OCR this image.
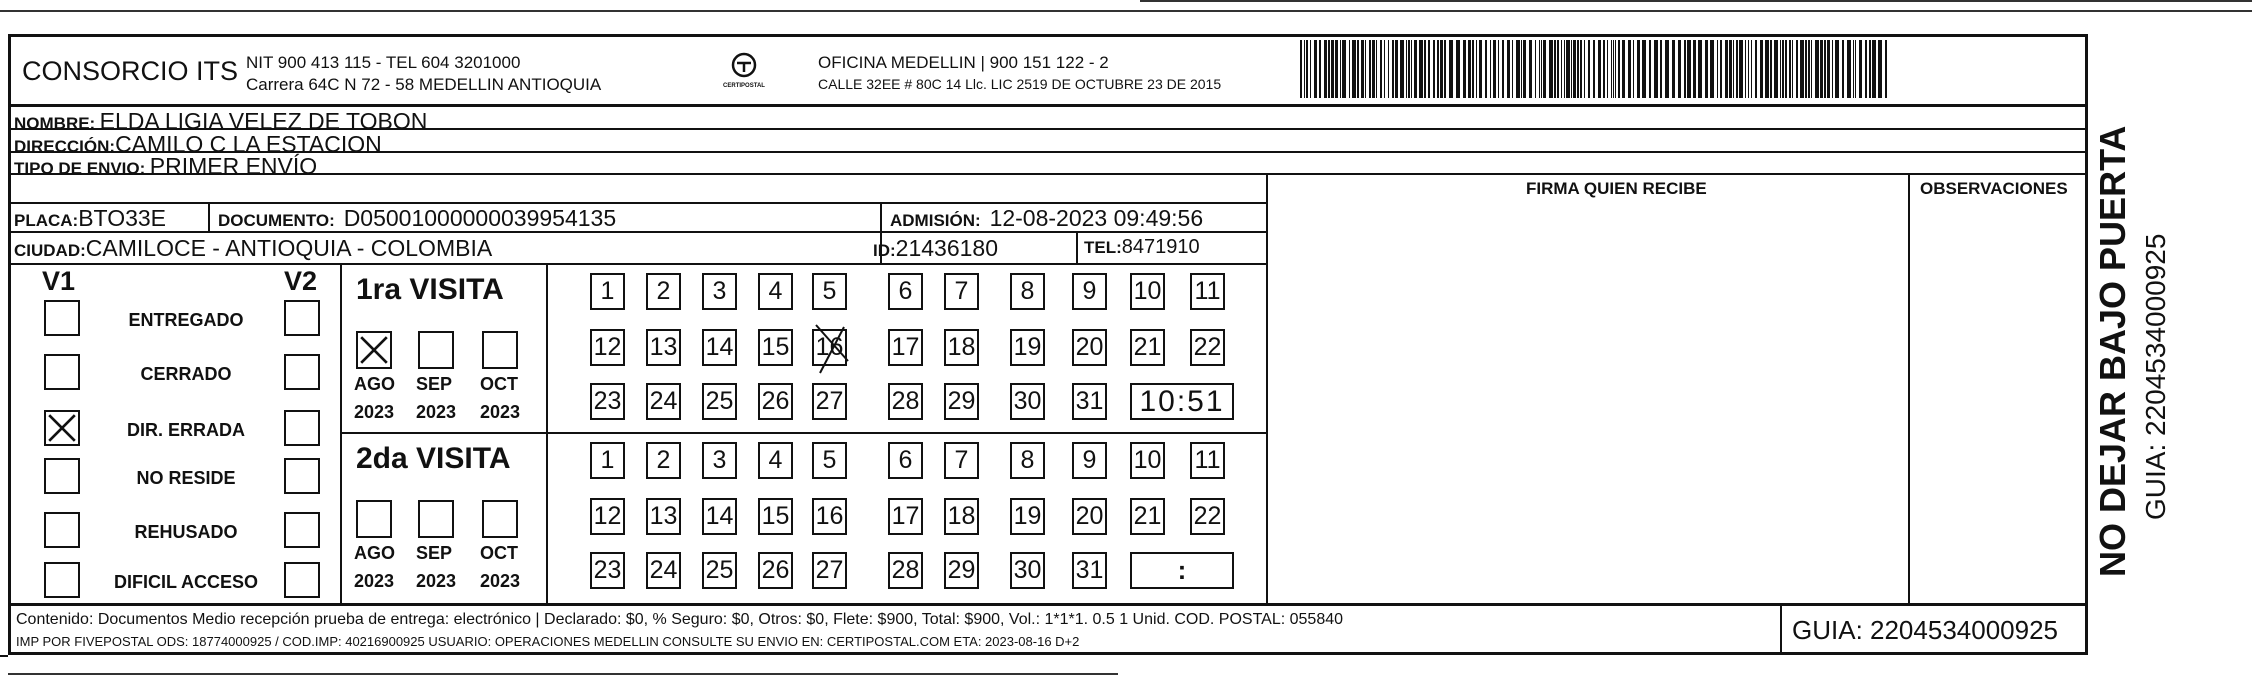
CONSORCIO ITS NIT 900 413 115 - TEL 604 3201000
Carrera 64C N 72 - 58 MEDELLIN ANTIOQUIA	CERTIPOSTAL
OFICINA MEDELLIN | 900 151 122 - 2
CALLE 32EE # 80C 14 Llc. LIC 2519 DE OCTUBRE 23 DE 2015
NOMBRE: ELDA LIGIA VELEZ DE TOBON
DIRECCIÓN:CAMILO C LA ESTACION
TIPO DE ENVIO: PRIMER ENVÍO
FIRMA QUIEN RECIBE	OBSERVACIONES
PLACA:BTO33E	DOCUMENTO: D05001000000039954135	ADMISIÓN: 12-08-2023 09:49:56
CIUDAD:CAMILOCE - ANTIOQUIA - COLOMBIA	ID:21436180	TEL:8471910
V1	V2
ENTREGADO
CERRADO
DIR. ERRADA
NO RESIDE
REHUSADO
DIFICIL ACCESO
1ra VISITA
AGO
2023
SEP
2023
OCT
2023
1	2	3	4	5	6	7	8	9	10 11
12 13 14 15 16 17 18 19 20 21 22
23 24 25 26 27 28 29 30 31	10:51
2da VISITA
AGO
2023
SEP
2023
OCT
2023
1	2	3	4	5	6	7	8	9	10 11
12 13 14 15 16 17 18 19 20 21 22
23 24 25 26 27 28 29 30 31	:
Contenido: Documentos Medio recepción prueba de entrega: electrónico | Declarado: $0, % Seguro: $0, Otros: $0, Flete: $900, Total: $900, Vol.: 1*1*1. 0.5 1 Unid. COD. POSTAL: 055840
IMP POR FIVEPOSTAL ODS: 18774000925 / COD.IMP: 40216900925 USUARIO: OPERACIONES MEDELLIN CONSULTE SU ENVIO EN: CERTIPOSTAL.COM ETA: 2023-08-16 D+2	GUIA: 2204534000925
NO DEJAR BAJO PUERTA GUIA: 2204534000925
